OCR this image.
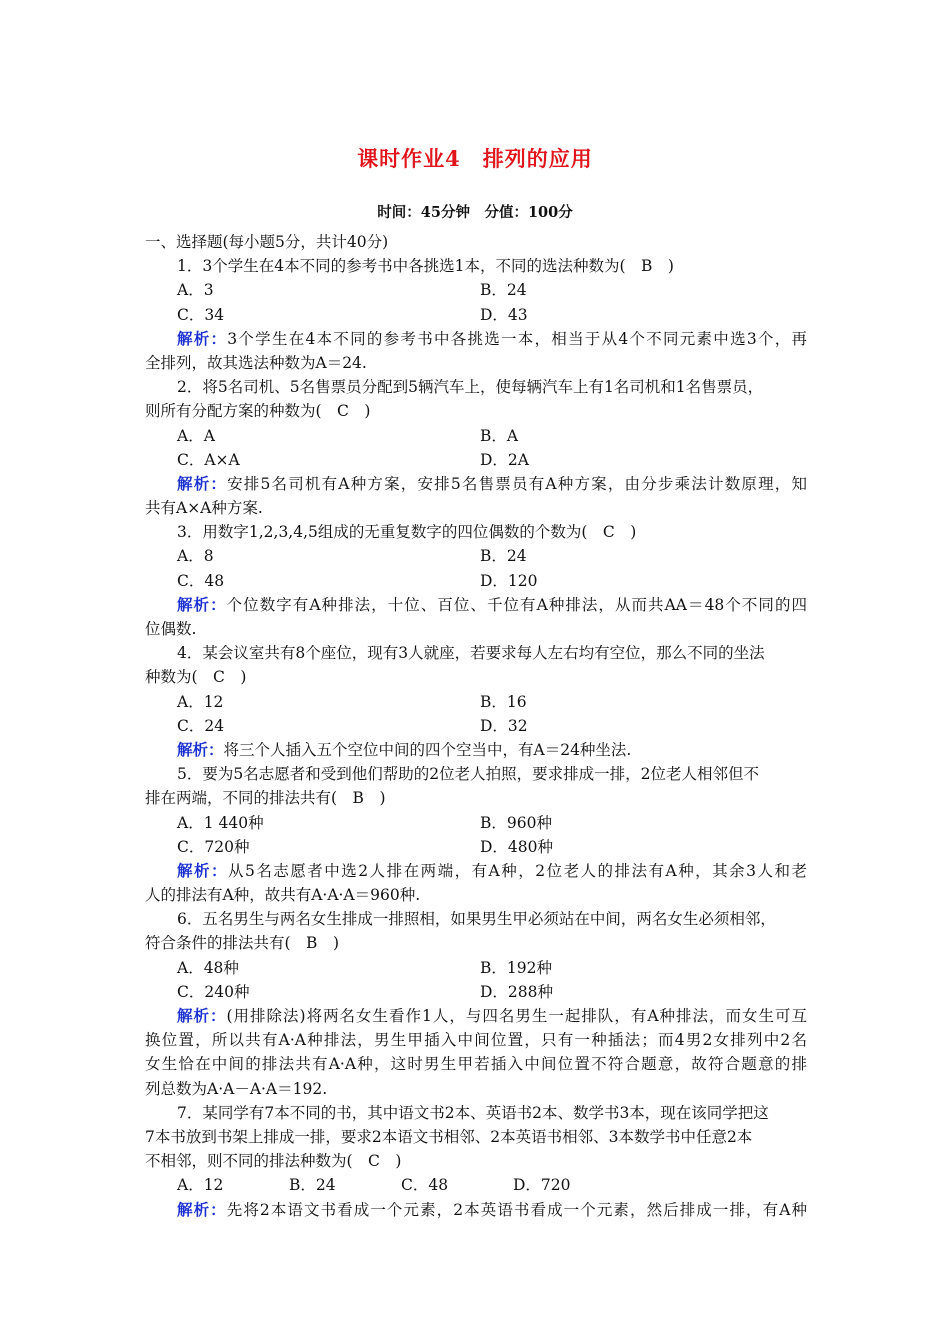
课时作业4　排列的应用
时间：45分钟　分值：100分
一、选择题(每小题5分，共计40分)
1．3个学生在4本不同的参考书中各挑选1本，不同的选法种数为(　B　)
A．3	B．24
C．34	D．43
解析：3个学生在4本不同的参考书中各挑选一本，相当于从4个不同元素中选3个，再
全排列，故其选法种数为A＝24.
2．将5名司机、5名售票员分配到5辆汽车上，使每辆汽车上有1名司机和1名售票员，
则所有分配方案的种数为(　C　)
A．A	B．A
C．A×A	D．2A
解析：安排5名司机有A种方案，安排5名售票员有A种方案，由分步乘法计数原理，知
共有A×A种方案.
3．用数字1,2,3,4,5组成的无重复数字的四位偶数的个数为(　C　)
A．8	B．24
C．48	D．120
解析：个位数字有A种排法，十位、百位、千位有A种排法，从而共AA＝48个不同的四
位偶数.
4．某会议室共有8个座位，现有3人就座，若要求每人左右均有空位，那么不同的坐法
种数为(　C　)
A．12	B．16
C．24	D．32
解析：将三个人插入五个空位中间的四个空当中，有A＝24种坐法.
5．要为5名志愿者和受到他们帮助的2位老人拍照，要求排成一排，2位老人相邻但不
排在两端，不同的排法共有(　B　)
A．1 440种	B．960种
C．720种	D．480种
解析：从5名志愿者中选2人排在两端，有A种，2位老人的排法有A种，其余3人和老
人的排法有A种，故共有A·A·A＝960种.
6．五名男生与两名女生排成一排照相，如果男生甲必须站在中间，两名女生必须相邻，
符合条件的排法共有(　B　)
A．48种	B．192种
C．240种	D．288种
解析：(用排除法)将两名女生看作1人，与四名男生一起排队，有A种排法，而女生可互
换位置，所以共有A·A种排法，男生甲插入中间位置，只有一种插法；而4男2女排列中2名
女生恰在中间的排法共有A·A种，这时男生甲若插入中间位置不符合题意，故符合题意的排
列总数为A·A－A·A＝192.
7．某同学有7本不同的书，其中语文书2本、英语书2本、数学书3本，现在该同学把这
7本书放到书架上排成一排，要求2本语文书相邻、2本英语书相邻、3本数学书中任意2本
不相邻，则不同的排法种数为(　C　)
A．12	B．24	C．48	D．720
解析：先将2本语文书看成一个元素，2本英语书看成一个元素，然后排成一排，有A种
